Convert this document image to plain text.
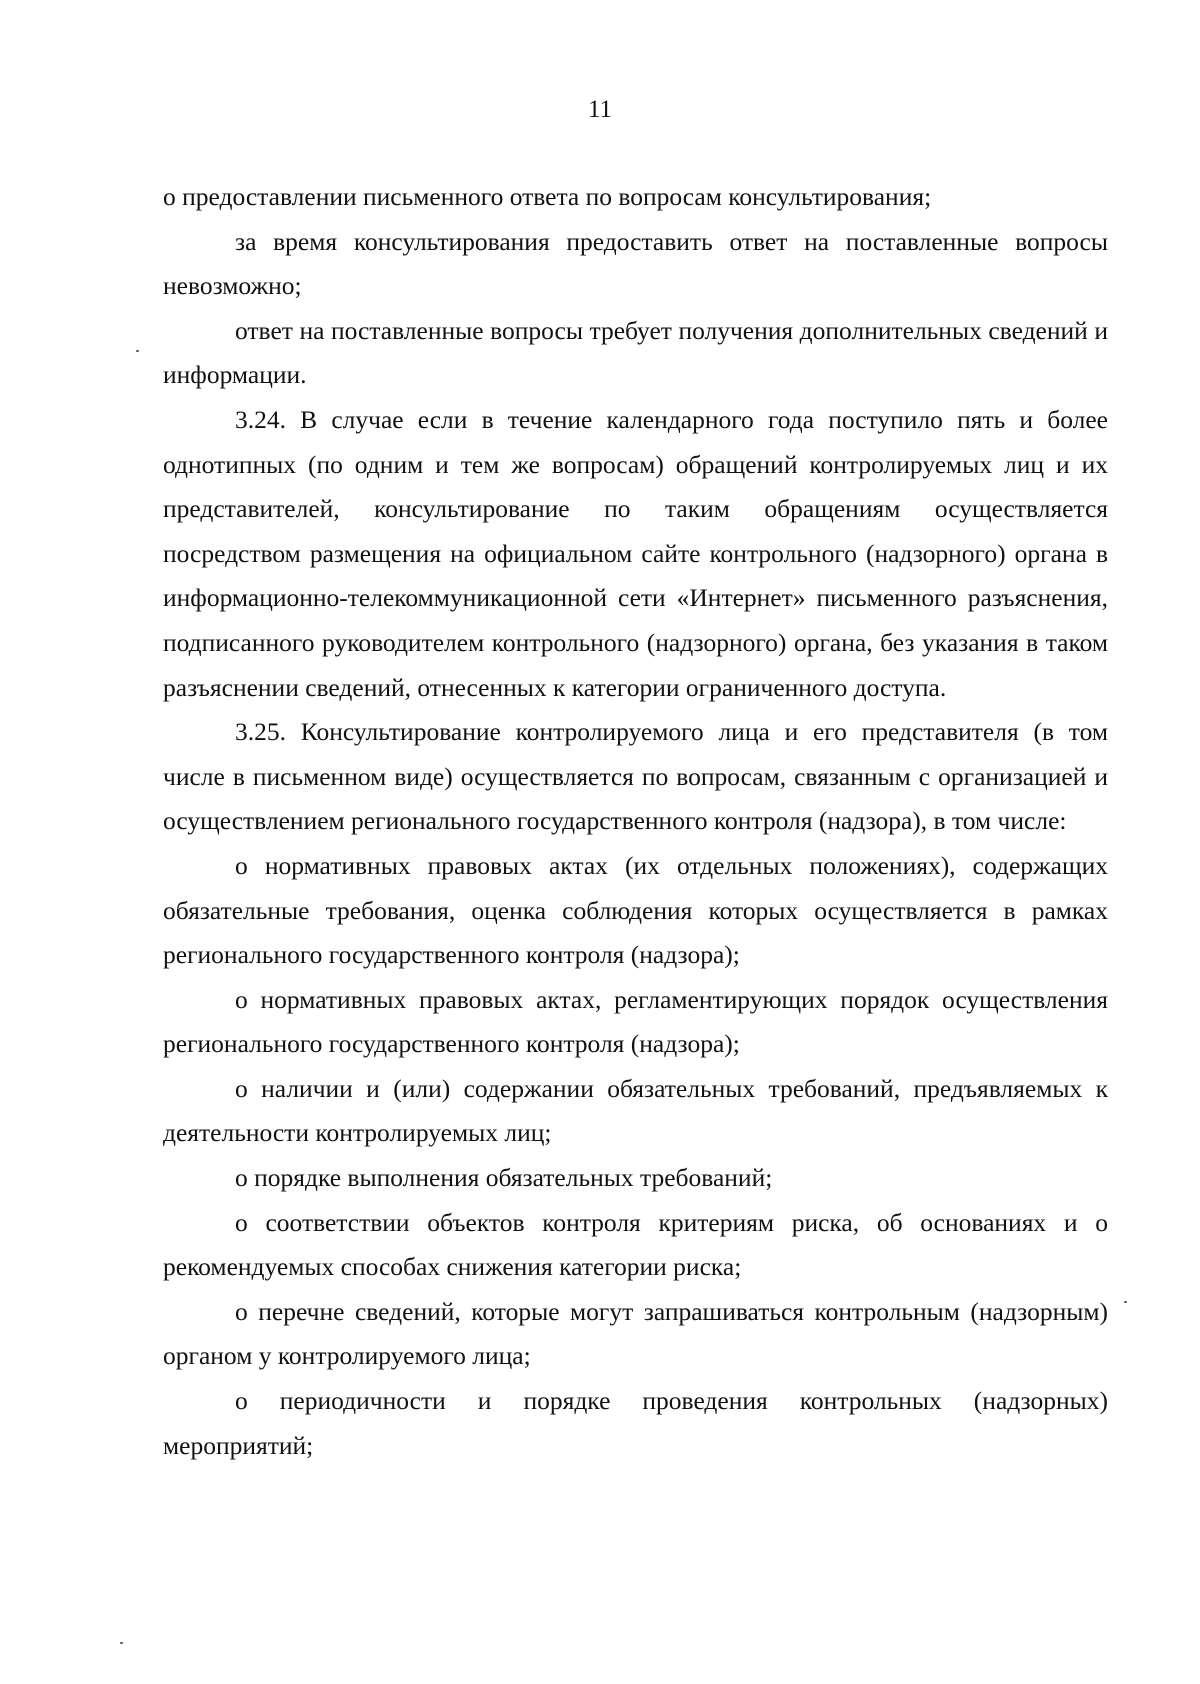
11

о предоставлении письменного ответа по вопросам консультирования;

за время консультирования предоставить ответ на поставленные вопросы невозможно;

ответ на поставленные вопросы требует получения дополнительных сведений и информации.

3.24. В случае если в течение календарного года поступило пять и более однотипных (по одним и тем же вопросам) обращений контролируемых лиц и их представителей, консультирование по таким обращениям осуществляется посредством размещения на официальном сайте контрольного (надзорного) органа в информационно-телекоммуникационной сети «Интернет» письменного разъяснения, подписанного руководителем контрольного (надзорного) органа, без указания в таком разъяснении сведений, отнесенных к категории ограниченного доступа.

3.25. Консультирование контролируемого лица и его представителя (в том числе в письменном виде) осуществляется по вопросам, связанным с организацией и осуществлением регионального государственного контроля (надзора), в том числе:

о нормативных правовых актах (их отдельных положениях), содержащих обязательные требования, оценка соблюдения которых осуществляется в рамках регионального государственного контроля (надзора);

о нормативных правовых актах, регламентирующих порядок осуществления регионального государственного контроля (надзора);

о наличии и (или) содержании обязательных требований, предъявляемых к деятельности контролируемых лиц;

о порядке выполнения обязательных требований;

о соответствии объектов контроля критериям риска, об основаниях и о рекомендуемых способах снижения категории риска;

о перечне сведений, которые могут запрашиваться контрольным (надзорным) органом у контролируемого лица;

о периодичности и порядке проведения контрольных (надзорных) мероприятий;
